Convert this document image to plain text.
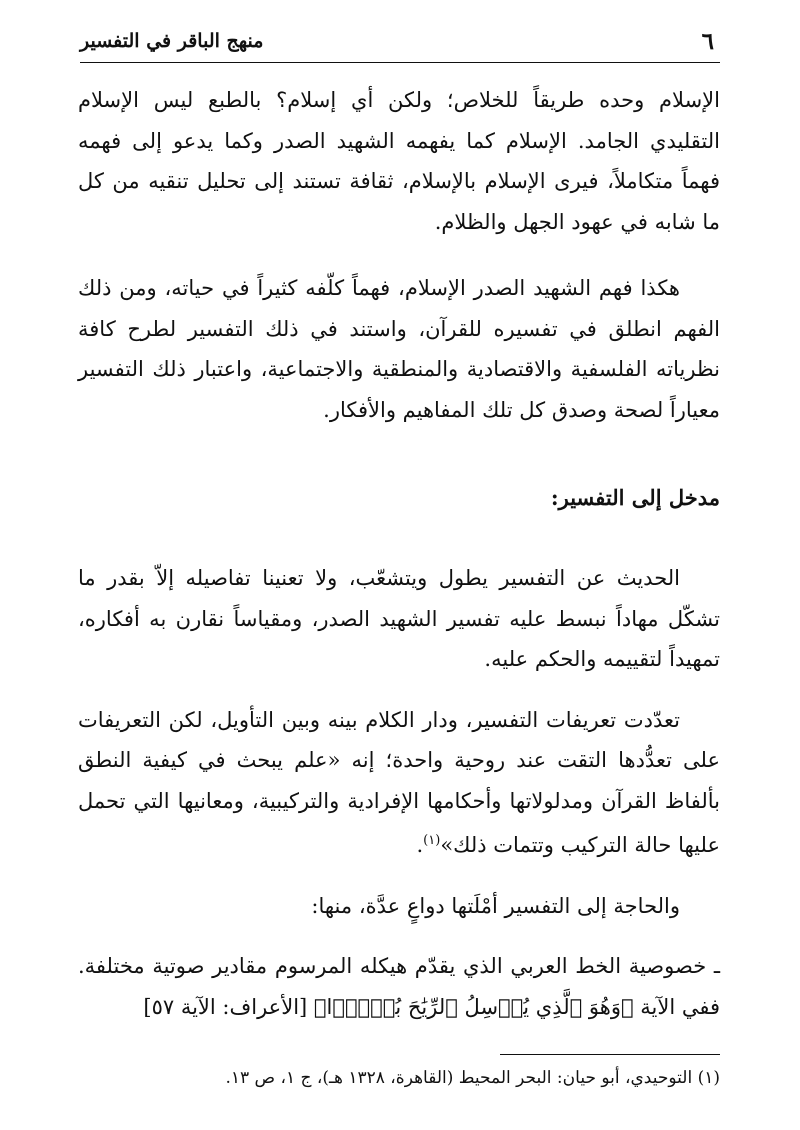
٦
منهج الباقر في التفسير

الإسلام وحده طريقاً للخلاص؛ ولكن أي إسلام؟ بالطبع ليس الإسلام التقليدي الجامد. الإسلام كما يفهمه الشهيد الصدر وكما يدعو إلى فهمه فهماً متكاملاً، فيرى الإسلام بالإسلام، ثقافة تستند إلى تحليل تنقيه من كل ما شابه في عهود الجهل والظلام.

هكذا فهم الشهيد الصدر الإسلام، فهماً كلّفه كثيراً في حياته، ومن ذلك الفهم انطلق في تفسيره للقرآن، واستند في ذلك التفسير لطرح كافة نظرياته الفلسفية والاقتصادية والمنطقية والاجتماعية، واعتبار ذلك التفسير معياراً لصحة وصدق كل تلك المفاهيم والأفكار.

مدخل إلى التفسير:

الحديث عن التفسير يطول ويتشعّب، ولا تعنينا تفاصيله إلاّ بقدر ما تشكّل مهاداً نبسط عليه تفسير الشهيد الصدر، ومقياساً نقارن به أفكاره، تمهيداً لتقييمه والحكم عليه.

تعدّدت تعريفات التفسير، ودار الكلام بينه وبين التأويل، لكن التعريفات على تعدُّدها التقت عند روحية واحدة؛ إنه «علم يبحث في كيفية النطق بألفاظ القرآن ومدلولاتها وأحكامها الإفرادية والتركيبية، ومعانيها التي تحمل عليها حالة التركيب وتتمات ذلك»$^{(١)}$.

والحاجة إلى التفسير أمْلَتها دواعٍ عدَّة، منها:

ـ خصوصية الخط العربي الذي يقدّم هيكله المرسوم مقادير صوتية مختلفة. ففي الآية ﴿وَهُوَ ٱلَّذِي يُرۡسِلُ ٱلرِّيَٰحَ بُشۡرَۢا﴾ [الأعراف: الآية ٥٧]

(١) التوحيدي، أبو حيان: البحر المحيط (القاهرة، ١٣٢٨ هـ)، ج ١، ص ١٣.
